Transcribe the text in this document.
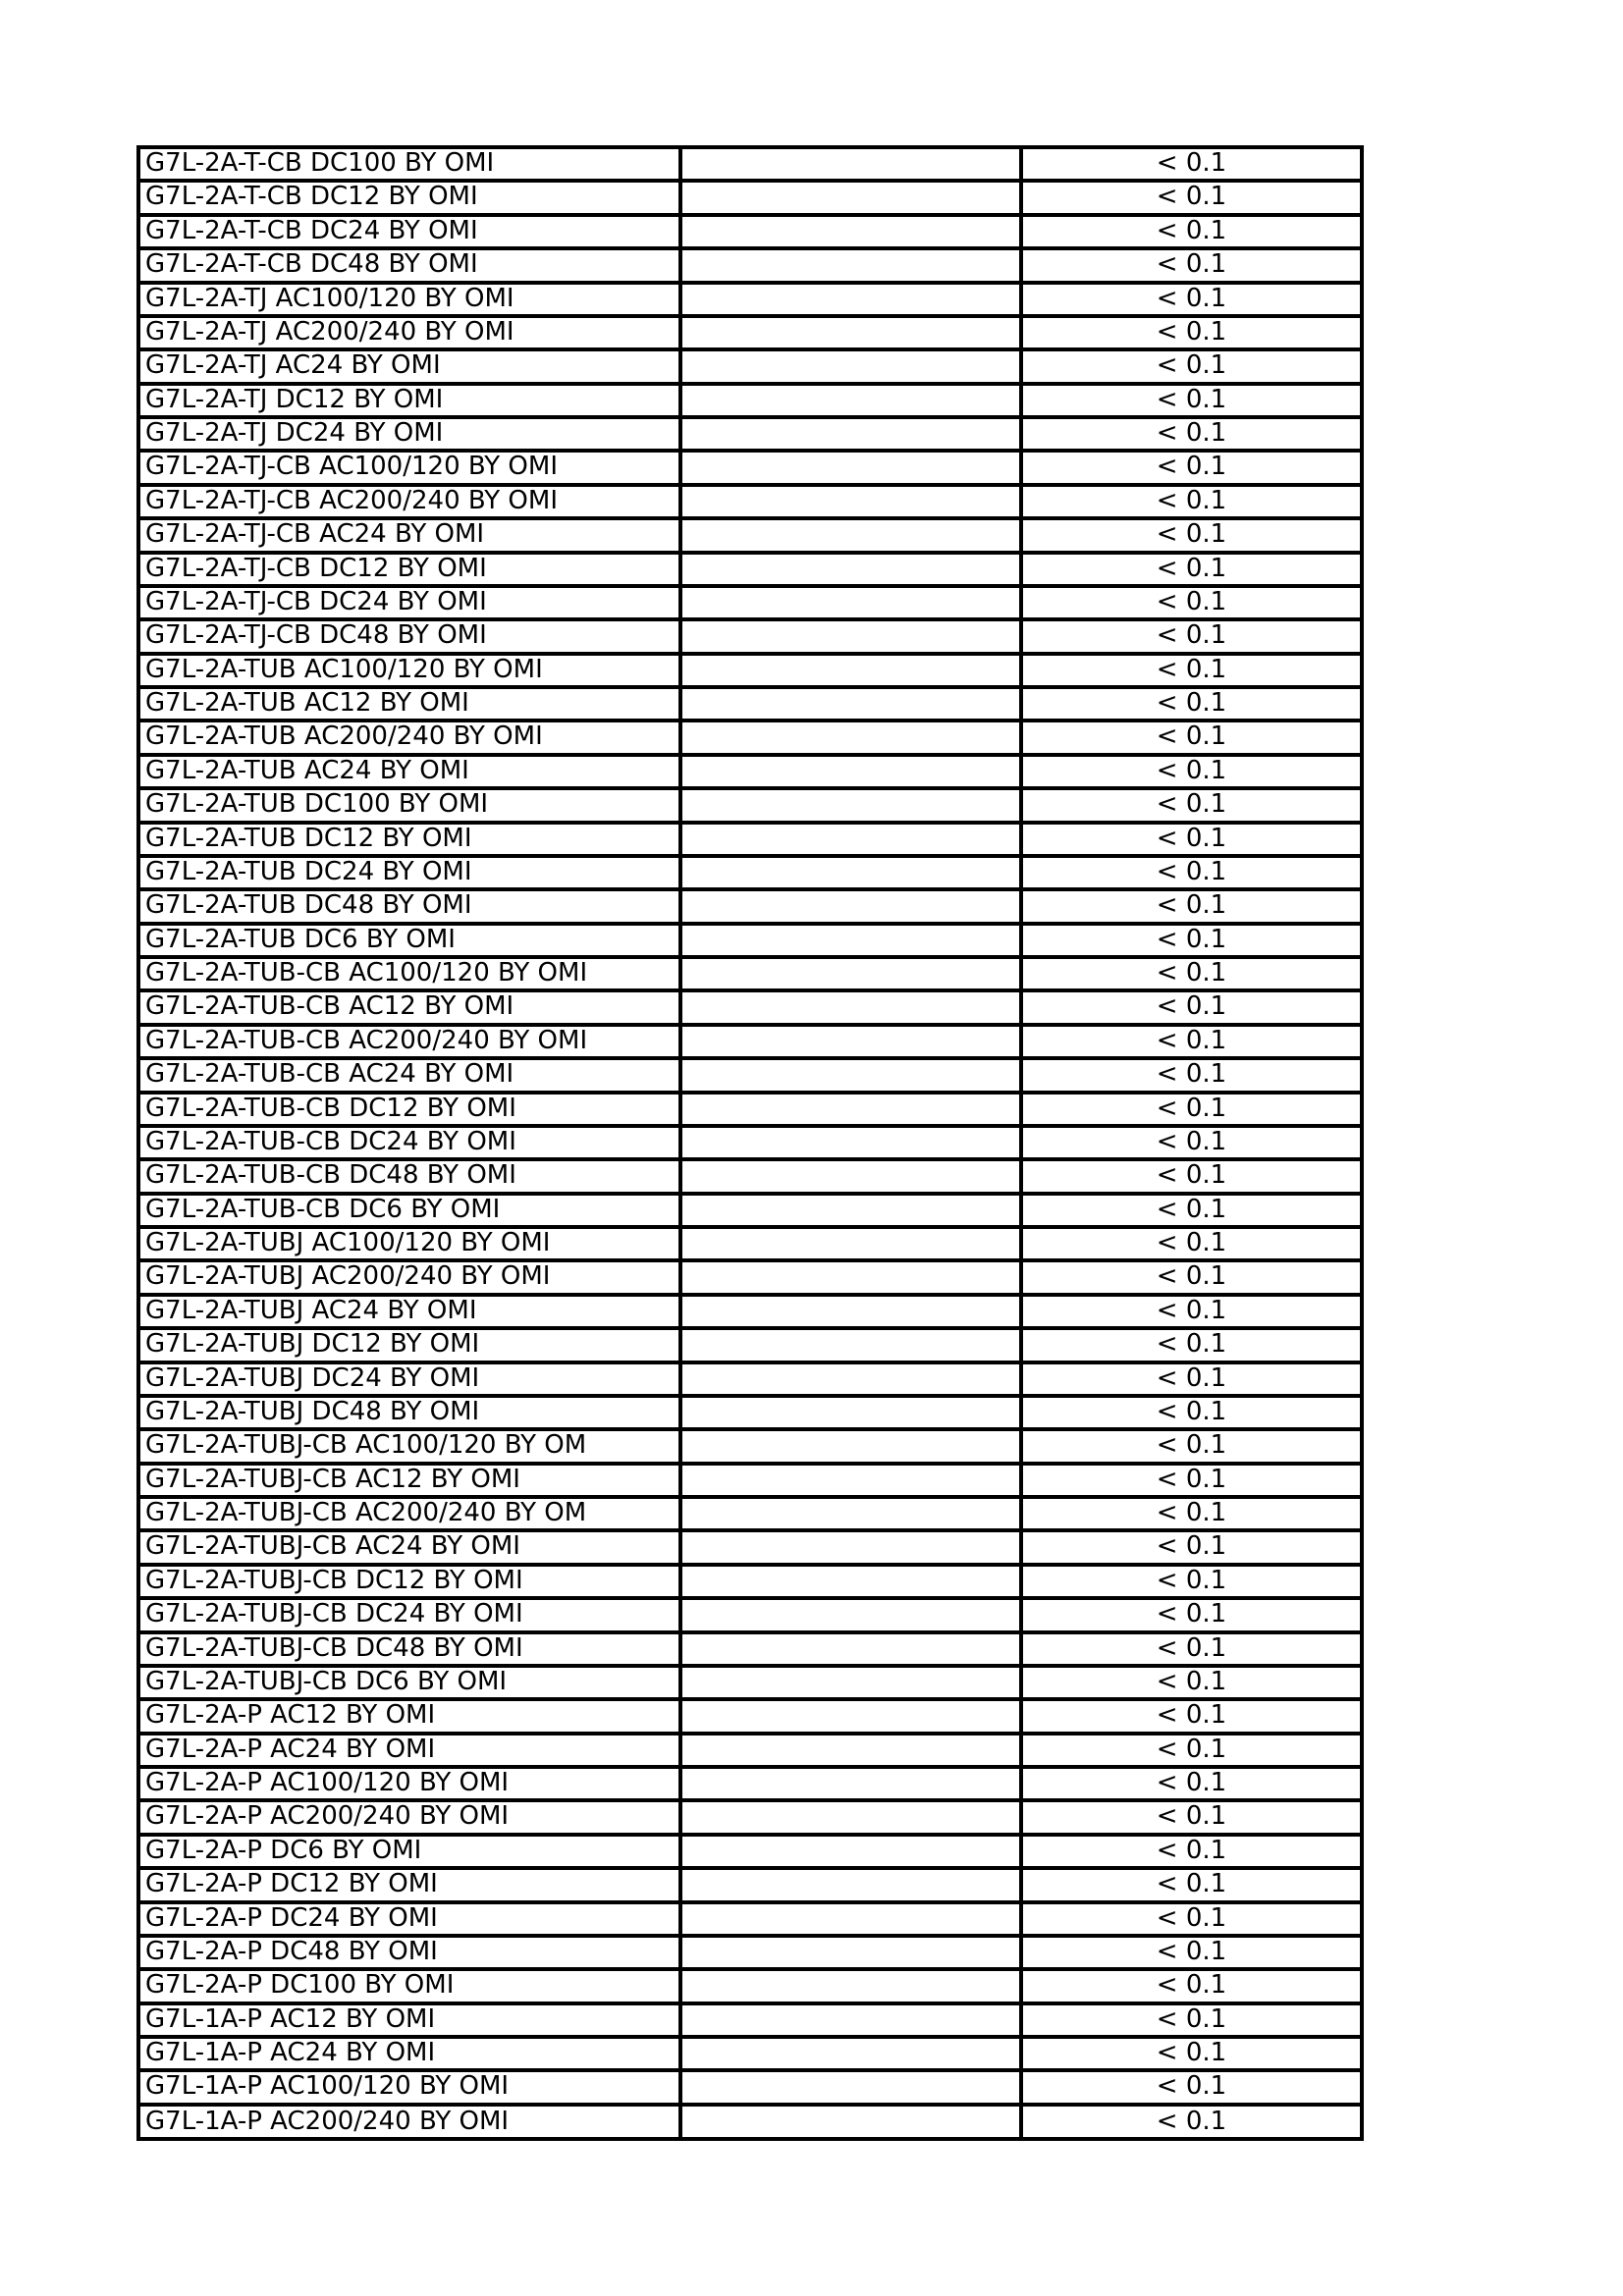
G7L-2A-T-CB DC100 BY OMI		< 0.1
G7L-2A-T-CB DC12 BY OMI		< 0.1
G7L-2A-T-CB DC24 BY OMI		< 0.1
G7L-2A-T-CB DC48 BY OMI		< 0.1
G7L-2A-TJ AC100/120 BY OMI		< 0.1
G7L-2A-TJ AC200/240 BY OMI		< 0.1
G7L-2A-TJ AC24 BY OMI		< 0.1
G7L-2A-TJ DC12 BY OMI		< 0.1
G7L-2A-TJ DC24 BY OMI		< 0.1
G7L-2A-TJ-CB AC100/120 BY OMI		< 0.1
G7L-2A-TJ-CB AC200/240 BY OMI		< 0.1
G7L-2A-TJ-CB AC24 BY OMI		< 0.1
G7L-2A-TJ-CB DC12 BY OMI		< 0.1
G7L-2A-TJ-CB DC24 BY OMI		< 0.1
G7L-2A-TJ-CB DC48 BY OMI		< 0.1
G7L-2A-TUB AC100/120 BY OMI		< 0.1
G7L-2A-TUB AC12 BY OMI		< 0.1
G7L-2A-TUB AC200/240 BY OMI		< 0.1
G7L-2A-TUB AC24 BY OMI		< 0.1
G7L-2A-TUB DC100 BY OMI		< 0.1
G7L-2A-TUB DC12 BY OMI		< 0.1
G7L-2A-TUB DC24 BY OMI		< 0.1
G7L-2A-TUB DC48 BY OMI		< 0.1
G7L-2A-TUB DC6 BY OMI		< 0.1
G7L-2A-TUB-CB AC100/120 BY OMI		< 0.1
G7L-2A-TUB-CB AC12 BY OMI		< 0.1
G7L-2A-TUB-CB AC200/240 BY OMI		< 0.1
G7L-2A-TUB-CB AC24 BY OMI		< 0.1
G7L-2A-TUB-CB DC12 BY OMI		< 0.1
G7L-2A-TUB-CB DC24 BY OMI		< 0.1
G7L-2A-TUB-CB DC48 BY OMI		< 0.1
G7L-2A-TUB-CB DC6 BY OMI		< 0.1
G7L-2A-TUBJ AC100/120 BY OMI		< 0.1
G7L-2A-TUBJ AC200/240 BY OMI		< 0.1
G7L-2A-TUBJ AC24 BY OMI		< 0.1
G7L-2A-TUBJ DC12 BY OMI		< 0.1
G7L-2A-TUBJ DC24 BY OMI		< 0.1
G7L-2A-TUBJ DC48 BY OMI		< 0.1
G7L-2A-TUBJ-CB AC100/120 BY OM		< 0.1
G7L-2A-TUBJ-CB AC12 BY OMI		< 0.1
G7L-2A-TUBJ-CB AC200/240 BY OM		< 0.1
G7L-2A-TUBJ-CB AC24 BY OMI		< 0.1
G7L-2A-TUBJ-CB DC12 BY OMI		< 0.1
G7L-2A-TUBJ-CB DC24 BY OMI		< 0.1
G7L-2A-TUBJ-CB DC48 BY OMI		< 0.1
G7L-2A-TUBJ-CB DC6 BY OMI		< 0.1
G7L-2A-P AC12 BY OMI		< 0.1
G7L-2A-P AC24 BY OMI		< 0.1
G7L-2A-P AC100/120 BY OMI		< 0.1
G7L-2A-P AC200/240 BY OMI		< 0.1
G7L-2A-P DC6 BY OMI		< 0.1
G7L-2A-P DC12 BY OMI		< 0.1
G7L-2A-P DC24 BY OMI		< 0.1
G7L-2A-P DC48 BY OMI		< 0.1
G7L-2A-P DC100 BY OMI		< 0.1
G7L-1A-P AC12 BY OMI		< 0.1
G7L-1A-P AC24 BY OMI		< 0.1
G7L-1A-P AC100/120 BY OMI		< 0.1
G7L-1A-P AC200/240 BY OMI		< 0.1
